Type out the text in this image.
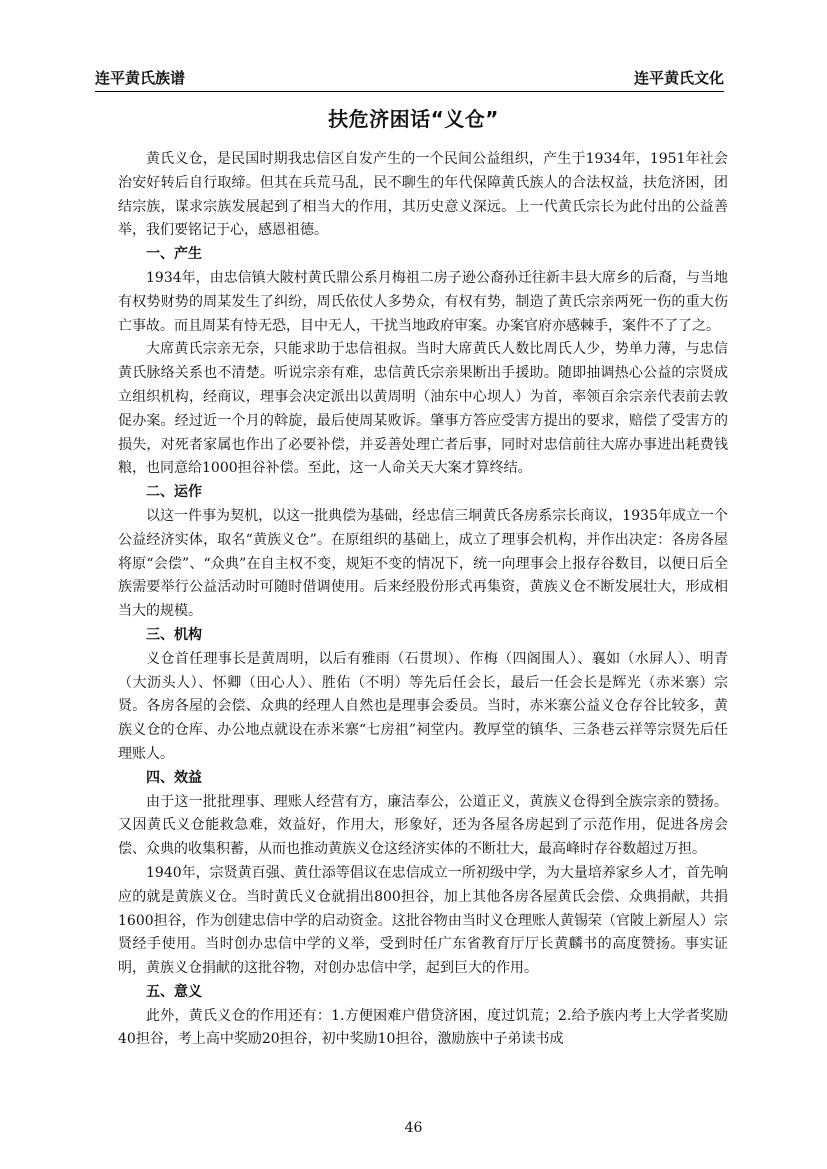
连平黄氏族谱	连平黄氏文化
扶危济困话“义仓”

黄氏义仓，是民国时期我忠信区自发产生的一个民间公益组织，产生于1934年，1951年社会治安好转后自行取缔。但其在兵荒马乱，民不聊生的年代保障黄氏族人的合法权益，扶危济困，团结宗族，谋求宗族发展起到了相当大的作用，其历史意义深远。上一代黄氏宗长为此付出的公益善举，我们要铭记于心，感恩祖德。

一、产生

1934年，由忠信镇大陂村黄氏鼎公系月梅祖二房子逊公裔孙迁往新丰县大席乡的后裔，与当地有权势财势的周某发生了纠纷，周氏依仗人多势众，有权有势，制造了黄氏宗亲两死一伤的重大伤亡事故。而且周某有恃无恐，目中无人，干扰当地政府审案。办案官府亦感棘手，案件不了了之。

大席黄氏宗亲无奈，只能求助于忠信祖叔。当时大席黄氏人数比周氏人少，势单力薄，与忠信黄氏脉络关系也不清楚。听说宗亲有难，忠信黄氏宗亲果断出手援助。随即抽调热心公益的宗贤成立组织机构，经商议，理事会决定派出以黄周明（油东中心坝人）为首，率领百余宗亲代表前去敦促办案。经过近一个月的斡旋，最后使周某败诉。肇事方答应受害方提出的要求，赔偿了受害方的损失，对死者家属也作出了必要补偿，并妥善处理亡者后事，同时对忠信前往大席办事进出耗费钱粮，也同意给1000担谷补偿。至此，这一人命关天大案才算终结。

二、运作

以这一件事为契机，以这一批典偿为基础，经忠信三垌黄氏各房系宗长商议，1935年成立一个公益经济实体，取名“黄族义仓”。在原组织的基础上，成立了理事会机构，并作出决定：各房各屋将原“会偿”、“众典”在自主权不变，规矩不变的情况下，统一向理事会上报存谷数目，以便日后全族需要举行公益活动时可随时借调使用。后来经股份形式再集资，黄族义仓不断发展壮大，形成相当大的规模。

三、机构

义仓首任理事长是黄周明，以后有雅雨（石贯坝）、作梅（四阁围人）、襄如（水屛人）、明青（大沥头人）、怀卿（田心人）、胜佑（不明）等先后任会长，最后一任会长是辉光（赤米寨）宗贤。各房各屋的会偿、众典的经理人自然也是理事会委员。当时，赤米寨公益义仓存谷比较多，黄族义仓的仓库、办公地点就设在赤米寨“七房祖”祠堂内。教厚堂的镇华、三条巷云祥等宗贤先后任理账人。

四、效益

由于这一批批理事、理账人经营有方，廉洁奉公，公道正义，黄族义仓得到全族宗亲的赞扬。又因黄氏义仓能救急难，效益好，作用大，形象好，还为各屋各房起到了示范作用，促进各房会偿、众典的收集积蓄，从而也推动黄族义仓这经济实体的不断壮大，最高峰时存谷数超过万担。

1940年，宗贤黄百强、黄仕添等倡议在忠信成立一所初级中学，为大量培养家乡人才，首先响应的就是黄族义仓。当时黄氏义仓就捐出800担谷，加上其他各房各屋黄氏会偿、众典捐献，共捐1600担谷，作为创建忠信中学的启动资金。这批谷物由当时义仓理账人黄锡荣（官陂上新屋人）宗贤经手使用。当时创办忠信中学的义举，受到时任广东省教育厅厅长黄麟书的高度赞扬。事实证明，黄族义仓捐献的这批谷物，对创办忠信中学，起到巨大的作用。

五、意义

此外，黄氏义仓的作用还有：1.方便困难户借贷济困，度过饥荒；2.给予族内考上大学者奖励40担谷，考上高中奖励20担谷，初中奖励10担谷，激励族中子弟读书成

46
